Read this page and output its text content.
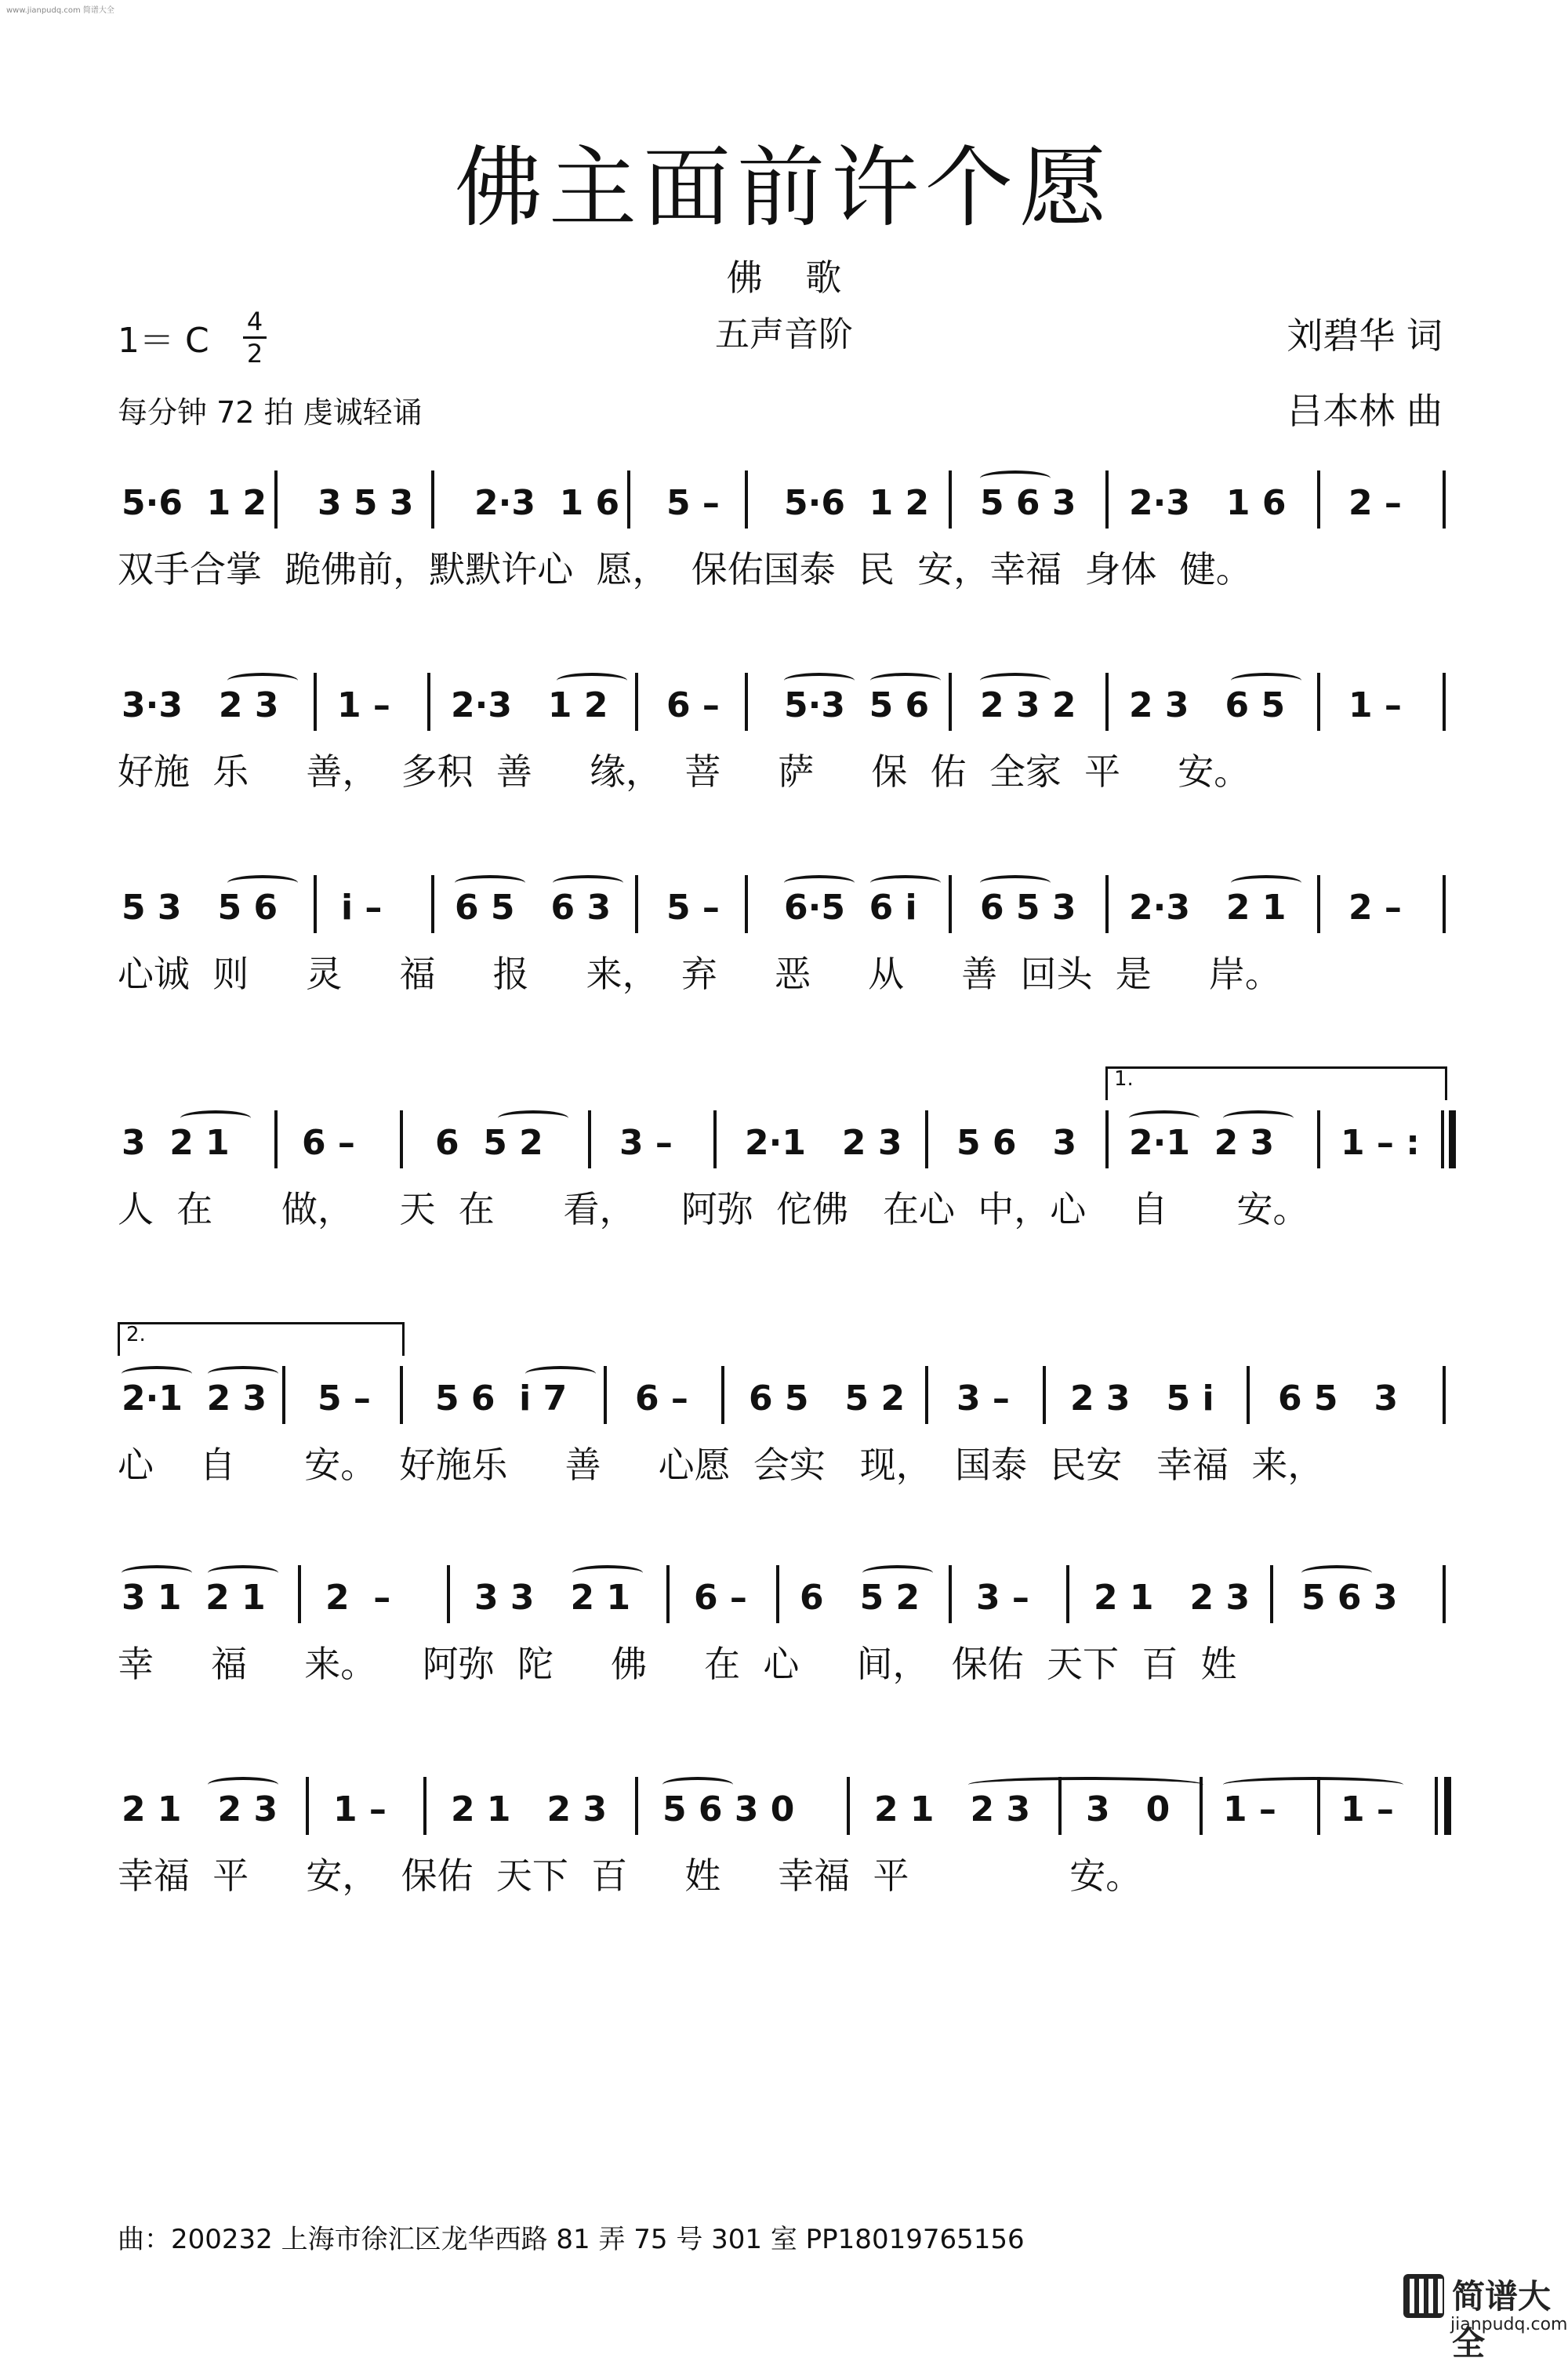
www.jianpudq.com 简谱大全
佛主面前许个愿
佛 歌
五声音阶
1＝ C 4
2	刘碧华 词
吕本林 曲
每分钟 72 拍 虔诚轻诵
5·6  1 2 3 5 3 2·3  1 6 5 – 5·6  1 2 5 6 3 2·3   1 6 2 –
双手合掌  跪佛前，默默许心  愿，  保佑国泰  民  安，幸福  身体  健。
3·3   2 3 1 – 2·3   1 2 6 – 5·3  5 6 2 3 2 2 3   6 5 1 –
好施  乐     善，  多积  善     缘，  菩     萨     保  佑  全家  平     安。
5 3   5 6 i – 6 5   6 3 5 – 6·5  6 i 6 5 3 2·3   2 1 2 –
心诚  则     灵     福     报     来，  弃     恶     从     善  回头  是     岸。
1.
3  2 1 6 – 6  5 2 3 – 2·1   2 3 5 6   3 2·1  2 3 1 – :
人  在      做，    天  在      看，    阿弥  佗佛   在心  中，心    自      安。
2.
2·1  2 3 5 – 5 6  i 7 6 – 6 5   5 2 3 – 2 3   5 i 6 5   3
心    自      安。  好施乐     善     心愿  会实   现，  国泰  民安   幸福  来，
3 1  2 1 2  – 3 3   2 1 6 – 6   5 2 3 – 2 1   2 3 5 6 3
幸     福     来。    阿弥  陀     佛     在  心     间，  保佑  天下  百  姓
2 1   2 3 1 – 2 1   2 3 5 6 3 0 2 1   2 3 3   0 1 – 1 –
幸福  平     安，  保佑  天下  百     姓     幸福  平              安。
曲：200232 上海市徐汇区龙华西路 81 弄 75 号 301 室 PP18019765156
简谱大全
jianpudq.com
